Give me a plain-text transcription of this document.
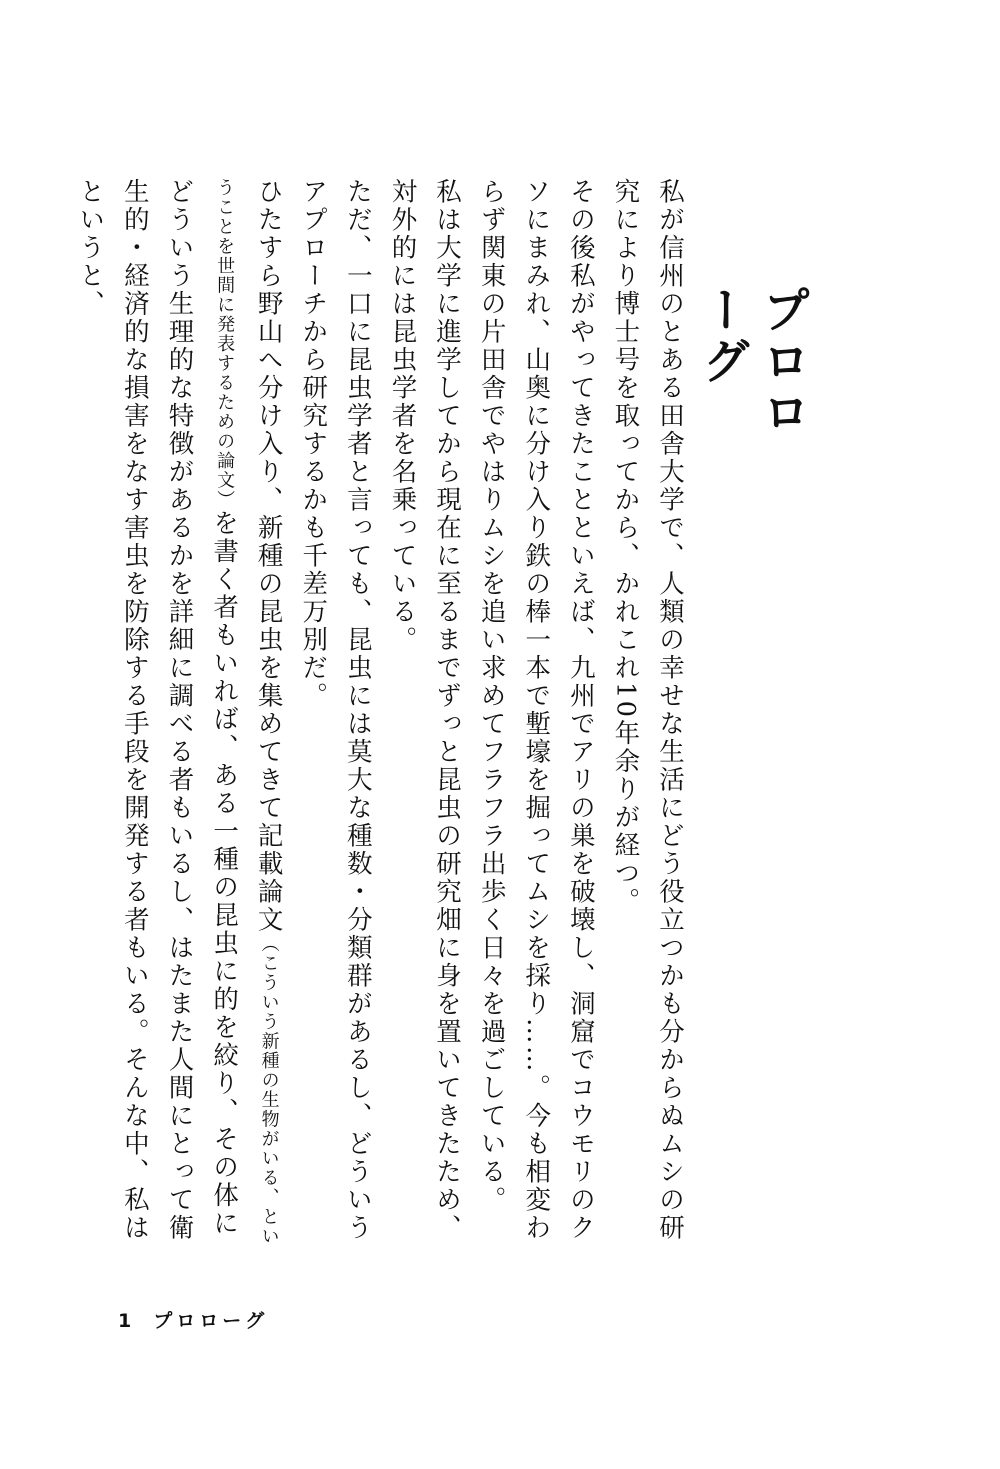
プロローグ

私が信州のとある田舎大学で、人類の幸せな生活にどう役立つかも分からぬムシの研究により博士号を取ってから、かれこれ10年余りが経つ。

その後私がやってきたことといえば、九州でアリの巣を破壊し、洞窟でコウモリのクソにまみれ、山奥に分け入り鉄の棒一本で塹壕を掘ってムシを採り……。今も相変わらず関東の片田舎でやはりムシを追い求めてフラフラ出歩く日々を過ごしている。

私は大学に進学してから現在に至るまでずっと昆虫の研究畑に身を置いてきたため、対外的には昆虫学者を名乗っている。

ただ、一口に昆虫学者と言っても、昆虫には莫大な種数・分類群があるし、どういうアプローチから研究するかも千差万別だ。

ひたすら野山へ分け入り、新種の昆虫を集めてきて記載論文（こういう新種の生物がいる、ということを世間に発表するための論文）を書く者もいれば、ある一種の昆虫に的を絞り、その体にどういう生理的な特徴があるかを詳細に調べる者もいるし、はたまた人間にとって衛生的・経済的な損害をなす害虫を防除する手段を開発する者もいる。そんな中、私はというと、

1 プロローグ
